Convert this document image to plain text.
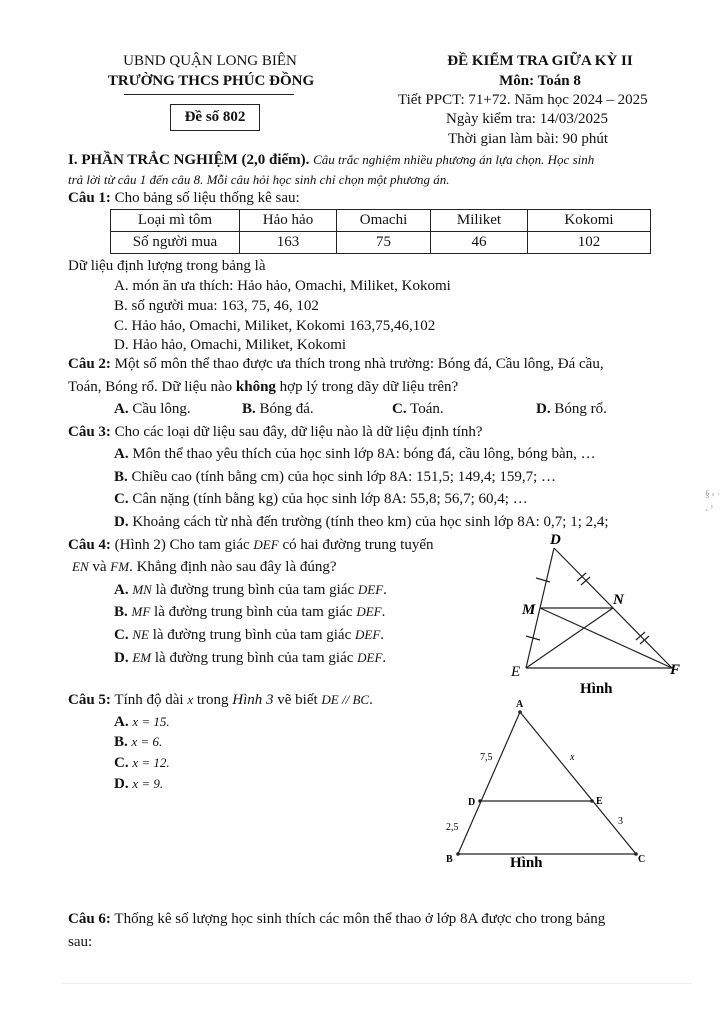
UBND QUẬN LONG BIÊN
TRƯỜNG THCS PHÚC ĐỒNG
Đề số 802
ĐỀ KIỂM TRA GIỮA KỲ II
Môn: Toán 8
Tiết PPCT: 71+72. Năm học 2024 – 2025
Ngày kiểm tra: 14/03/2025
Thời gian làm bài: 90 phút
I. PHẦN TRẮC NGHIỆM (2,0 điểm). Câu trắc nghiệm nhiều phương án lựa chọn. Học sinh
trả lời từ câu 1 đến câu 8. Mỗi câu hỏi học sinh chỉ chọn một phương án.
Câu 1: Cho bảng số liệu thống kê sau:
Loại mì tôm	Hảo hảo	Omachi	Miliket	Kokomi
Số người mua	163	75	46	102
Dữ liệu định lượng trong bảng là
A. món ăn ưa thích: Hảo hảo, Omachi, Miliket, Kokomi
B. số người mua: 163, 75, 46, 102
C. Hảo hảo, Omachi, Miliket, Kokomi 163,75,46,102
D. Hảo hảo, Omachi, Miliket, Kokomi
Câu 2: Một số môn thể thao được ưa thích trong nhà trường: Bóng đá, Cầu lông, Đá cầu,
Toán, Bóng rổ. Dữ liệu nào không hợp lý trong dãy dữ liệu trên?
A. Cầu lông.	B. Bóng đá.	C. Toán.	D. Bóng rổ.
Câu 3: Cho các loại dữ liệu sau đây, dữ liệu nào là dữ liệu định tính?
A. Môn thể thao yêu thích của học sinh lớp 8A: bóng đá, cầu lông, bóng bàn, …
B. Chiều cao (tính bằng cm) của học sinh lớp 8A: 151,5; 149,4; 159,7; …
C. Cân nặng (tính bằng kg) của học sinh lớp 8A: 55,8; 56,7; 60,4; …
D. Khoảng cách từ nhà đến trường (tính theo km) của học sinh lớp 8A: 0,7; 1; 2,4;
Câu 4: (Hình 2) Cho tam giác DEF có hai đường trung tuyến
EN và FM. Khẳng định nào sau đây là đúng?
A. MN là đường trung bình của tam giác DEF.
B. MF là đường trung bình của tam giác DEF.
C. NE là đường trung bình của tam giác DEF.
D. EM là đường trung bình của tam giác DEF.
D
E	F
M
N
Hình
Câu 5: Tính độ dài x trong Hình 3 vẽ biết DE // BC.
A. x = 15.
B. x = 6.
C. x = 12.
D. x = 9.
A
D	E
B	C
7,5	x
2,5
3
Hình
Câu 6: Thống kê số lượng học sinh thích các môn thể thao ở lớp 8A được cho trong bảng
sau:
§ ‹ · ¸ ›
